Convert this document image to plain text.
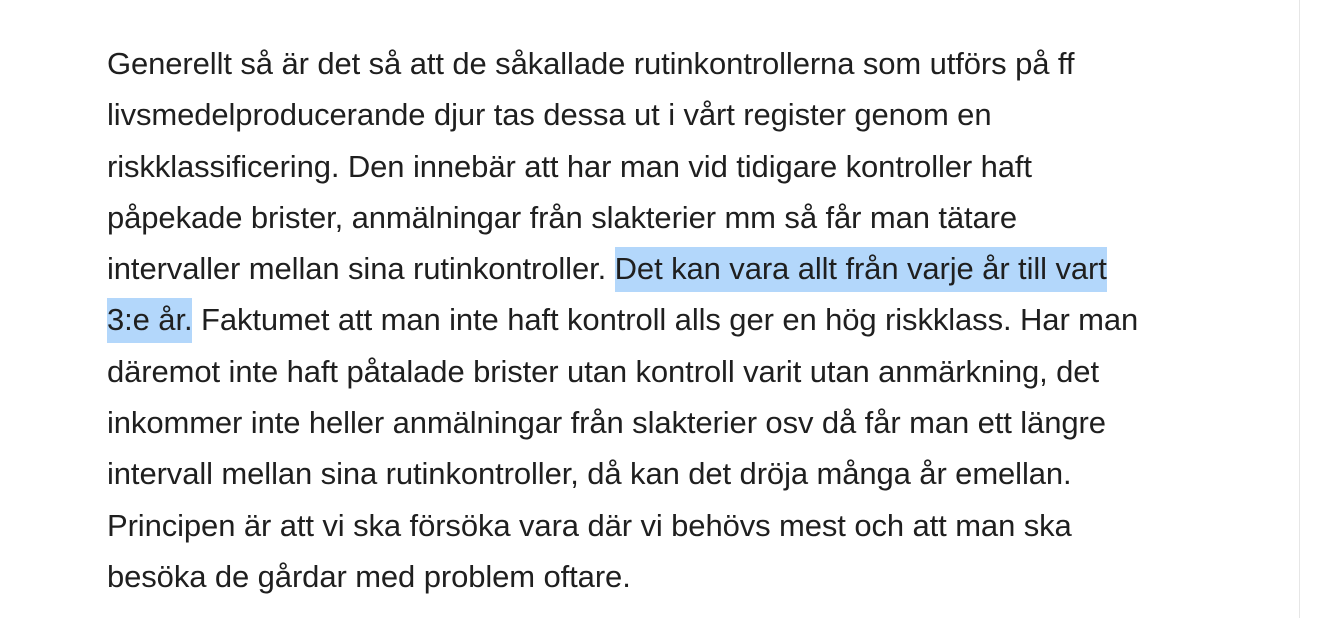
Generellt så är det så att de såkallade rutinkontrollerna som utförs på ff
livsmedelproducerande djur tas dessa ut i vårt register genom en
riskklassificering. Den innebär att har man vid tidigare kontroller haft
påpekade brister, anmälningar från slakterier mm så får man tätare
intervaller mellan sina rutinkontroller. Det kan vara allt från varje år till vart
3:e år. Faktumet att man inte haft kontroll alls ger en hög riskklass. Har man
däremot inte haft påtalade brister utan kontroll varit utan anmärkning, det
inkommer inte heller anmälningar från slakterier osv då får man ett längre
intervall mellan sina rutinkontroller, då kan det dröja många år emellan.
Principen är att vi ska försöka vara där vi behövs mest och att man ska
besöka de gårdar med problem oftare.
